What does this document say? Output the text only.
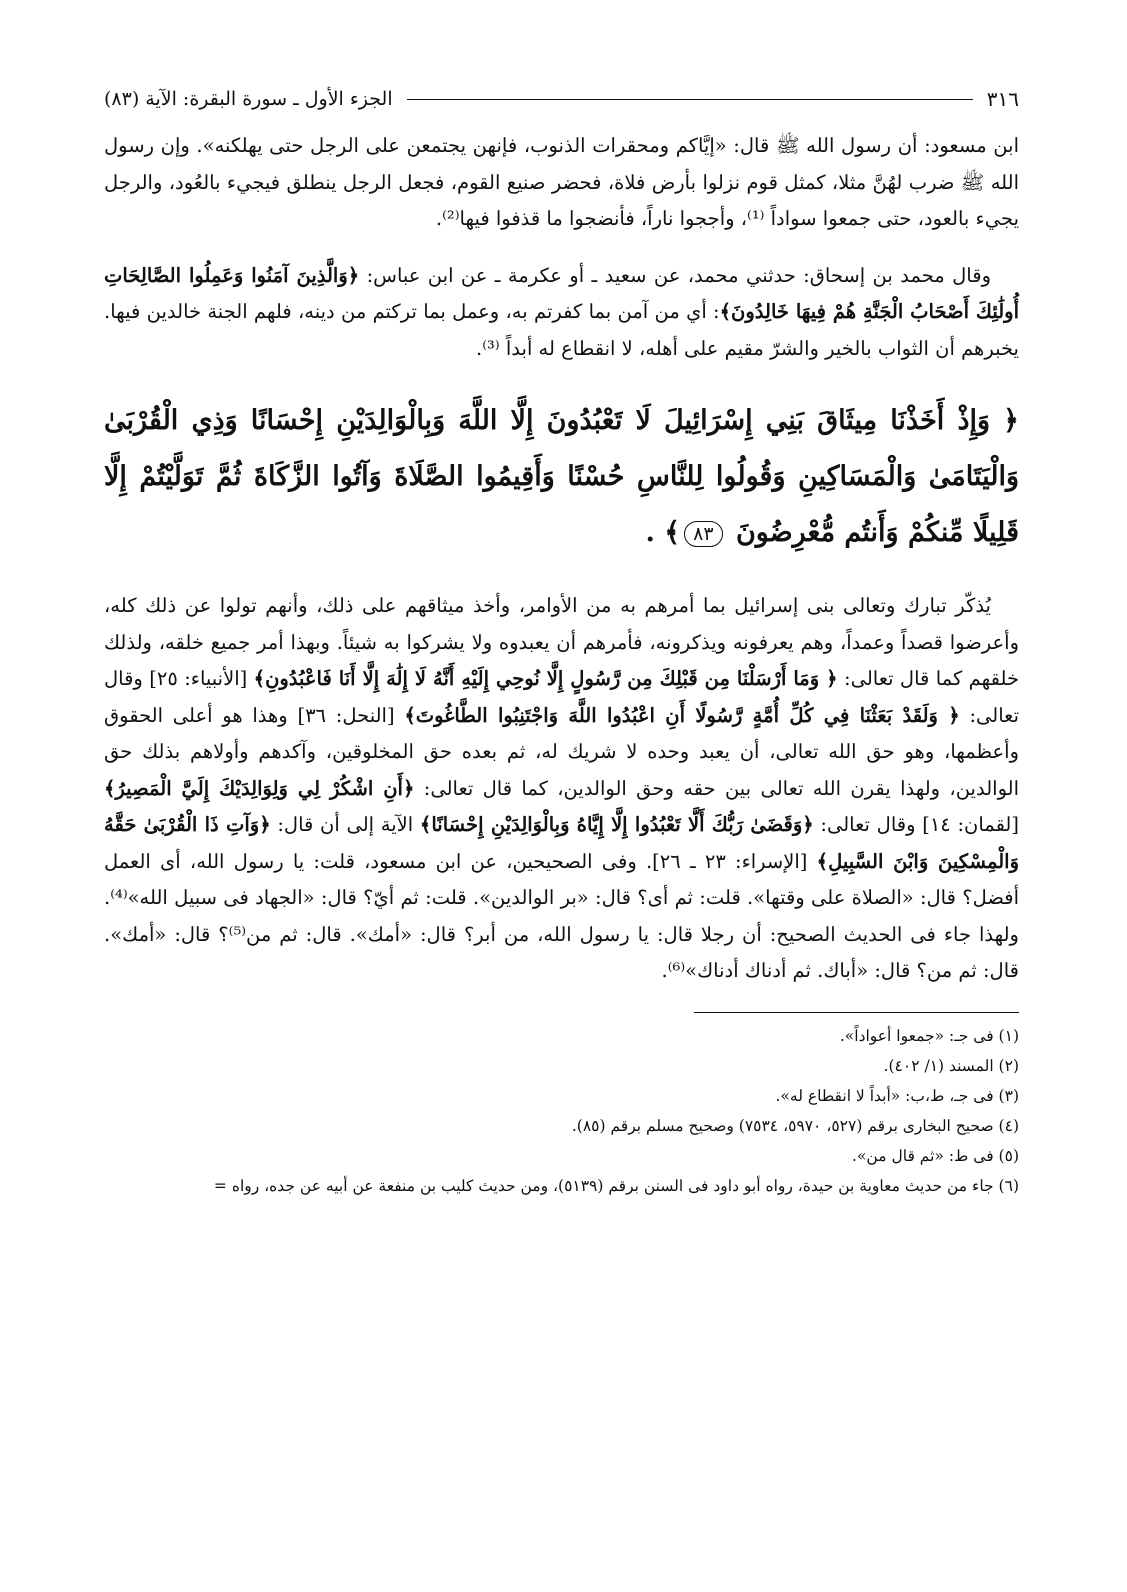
٣١٦
الجزء الأول ـ سورة البقرة: الآية (٨٣)

ابن مسعود: أن رسول الله ﷺ قال: «إيَّاكم ومحقرات الذنوب، فإنهن يجتمعن على الرجل حتى يهلكنه». وإن رسول الله ﷺ ضرب لهُنَّ مثلا، كمثل قوم نزلوا بأرض فلاة، فحضر صنيع القوم، فجعل الرجل ينطلق فيجيء بالعُود، والرجل يجيء بالعود، حتى جمعوا سواداً ⁽¹⁾، وأججوا ناراً، فأنضجوا ما قذفوا فيها⁽²⁾.

وقال محمد بن إسحاق: حدثني محمد، عن سعيد ـ أو عكرمة ـ عن ابن عباس: ﴿وَالَّذِينَ آمَنُوا وَعَمِلُوا الصَّالِحَاتِ أُولَٰئِكَ أَصْحَابُ الْجَنَّةِ هُمْ فِيهَا خَالِدُونَ﴾: أي من آمن بما كفرتم به، وعمل بما تركتم من دينه، فلهم الجنة خالدين فيها. يخبرهم أن الثواب بالخير والشرّ مقيم على أهله، لا انقطاع له أبداً ⁽³⁾.

﴿ وَإِذْ أَخَذْنَا مِيثَاقَ بَنِي إِسْرَائِيلَ لَا تَعْبُدُونَ إِلَّا اللَّهَ وَبِالْوَالِدَيْنِ إِحْسَانًا وَذِي الْقُرْبَىٰ وَالْيَتَامَىٰ وَالْمَسَاكِينِ وَقُولُوا لِلنَّاسِ حُسْنًا وَأَقِيمُوا الصَّلَاةَ وَآتُوا الزَّكَاةَ ثُمَّ تَوَلَّيْتُمْ إِلَّا قَلِيلًا مِّنكُمْ وَأَنتُم مُّعْرِضُونَ ٨٣﴾ .

يُذكّر تبارك وتعالى بنى إسرائيل بما أمرهم به من الأوامر، وأخذ ميثاقهم على ذلك، وأنهم تولوا عن ذلك كله، وأعرضوا قصداً وعمداً، وهم يعرفونه ويذكرونه، فأمرهم أن يعبدوه ولا يشركوا به شيئاً. وبهذا أمر جميع خلقه، ولذلك خلقهم كما قال تعالى: ﴿ وَمَا أَرْسَلْنَا مِن قَبْلِكَ مِن رَّسُولٍ إِلَّا نُوحِي إِلَيْهِ أَنَّهُ لَا إِلَٰهَ إِلَّا أَنَا فَاعْبُدُونِ﴾ [الأنبياء: ٢٥] وقال تعالى: ﴿ وَلَقَدْ بَعَثْنَا فِي كُلِّ أُمَّةٍ رَّسُولًا أَنِ اعْبُدُوا اللَّهَ وَاجْتَنِبُوا الطَّاغُوتَ﴾ [النحل: ٣٦] وهذا هو أعلى الحقوق وأعظمها، وهو حق الله تعالى، أن يعبد وحده لا شريك له، ثم بعده حق المخلوقين، وآكدهم وأولاهم بذلك حق الوالدين، ولهذا يقرن الله تعالى بين حقه وحق الوالدين، كما قال تعالى: ﴿أَنِ اشْكُرْ لِي وَلِوَالِدَيْكَ إِلَيَّ الْمَصِيرُ﴾ [لقمان: ١٤] وقال تعالى: ﴿وَقَضَىٰ رَبُّكَ أَلَّا تَعْبُدُوا إِلَّا إِيَّاهُ وَبِالْوَالِدَيْنِ إِحْسَانًا﴾ الآية إلى أن قال: ﴿وَآتِ ذَا الْقُرْبَىٰ حَقَّهُ وَالْمِسْكِينَ وَابْنَ السَّبِيلِ﴾ [الإسراء: ٢٣ ـ ٢٦]. وفى الصحيحين، عن ابن مسعود، قلت: يا رسول الله، أى العمل أفضل؟ قال: «الصلاة على وقتها». قلت: ثم أى؟ قال: «بر الوالدين». قلت: ثم أيّ؟ قال: «الجهاد فى سبيل الله»⁽⁴⁾. ولهذا جاء فى الحديث الصحيح: أن رجلا قال: يا رسول الله، من أبر؟ قال: «أمك». قال: ثم من⁽⁵⁾؟ قال: «أمك». قال: ثم من؟ قال: «أباك. ثم أدناك أدناك»⁽⁶⁾.

(١) فى جـ: «جمعوا أعواداً».

(٢) المسند (١/ ٤٠٢).

(٣) فى جـ، ط،ب: «أبداً لا انقطاع له».

(٤) صحيح البخارى برقم (٥٢٧، ٥٩٧٠، ٧٥٣٤) وصحيح مسلم برقم (٨٥).

(٥) فى ط: «ثم قال من».

(٦) جاء من حديث معاوية بن حيدة، رواه أبو داود فى السنن برقم (٥١٣٩)، ومن حديث كليب بن منفعة عن أبيه عن جده، رواه =
